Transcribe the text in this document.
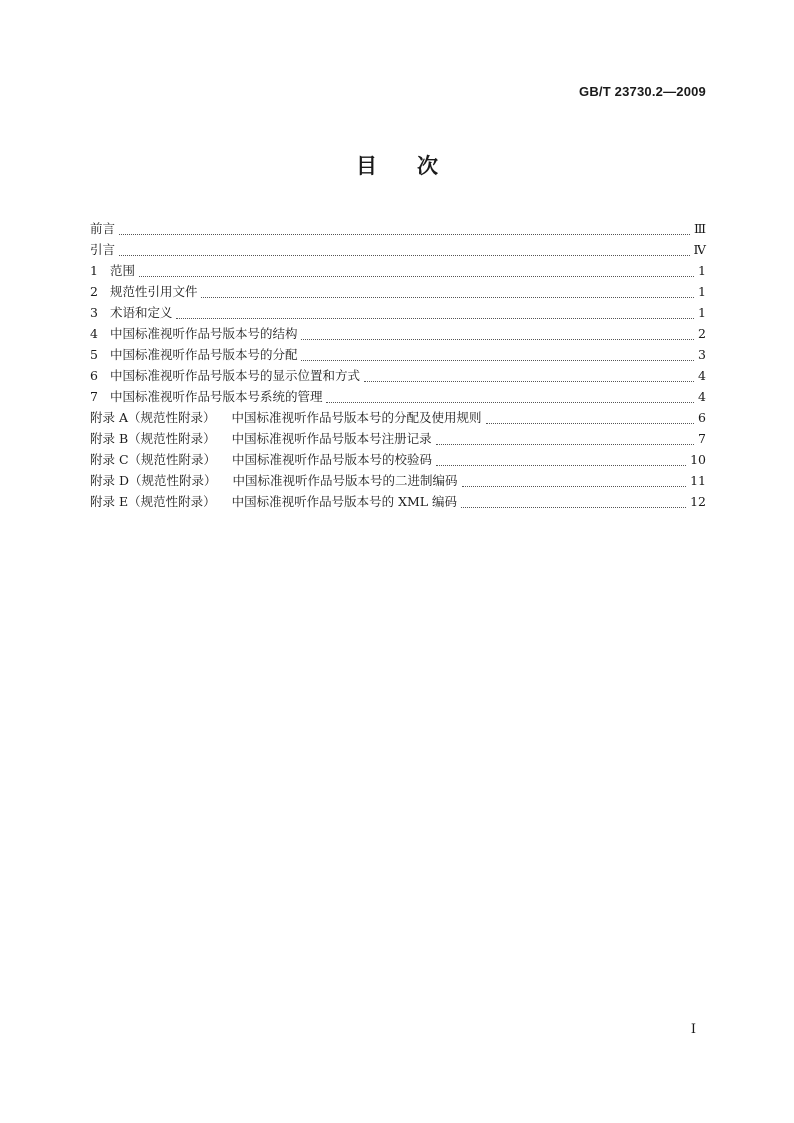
GB/T 23730.2—2009
目次
前言	Ⅲ
引言	Ⅳ
1 范围	1
2 规范性引用文件	1
3 术语和定义	1
4 中国标准视听作品号版本号的结构	2
5 中国标准视听作品号版本号的分配	3
6 中国标准视听作品号版本号的显示位置和方式	4
7 中国标准视听作品号版本号系统的管理	4
附录 A（规范性附录） 中国标准视听作品号版本号的分配及使用规则	6
附录 B（规范性附录） 中国标准视听作品号版本号注册记录	7
附录 C（规范性附录） 中国标准视听作品号版本号的校验码	10
附录 D（规范性附录） 中国标准视听作品号版本号的二进制编码	11
附录 E（规范性附录） 中国标准视听作品号版本号的 XML 编码	12
I
